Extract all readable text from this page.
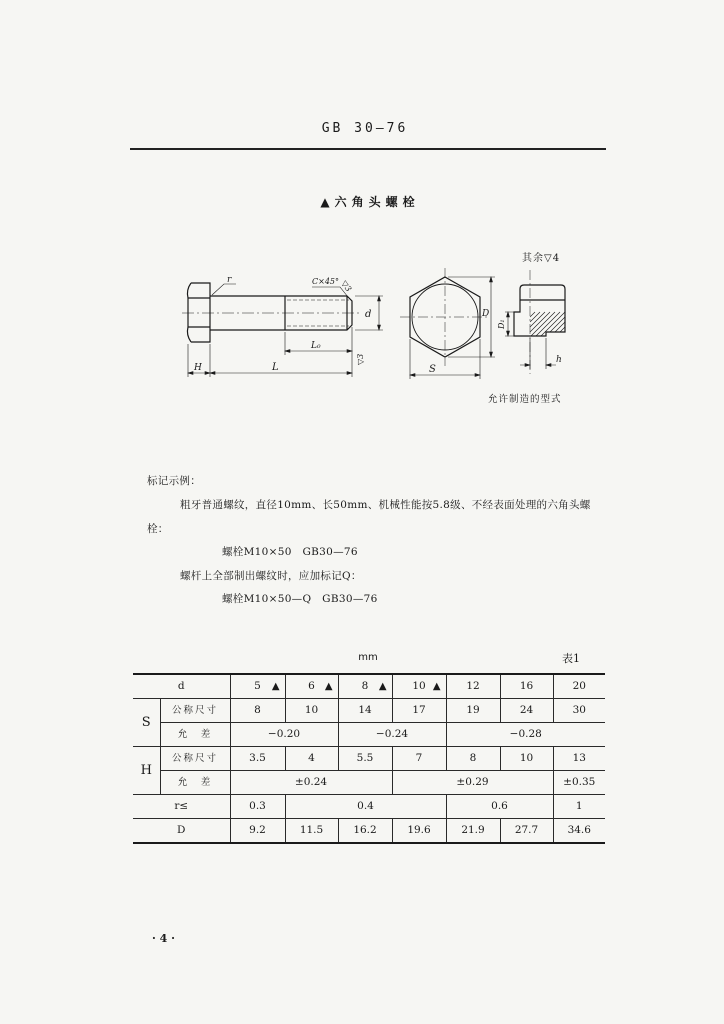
GB 30—76
▲六角头螺栓
其余▽4
r	C×45° ▽3
d
L₀
▽3
L
H	S
D
D₁
h
允许制造的型式
标记示例：
粗牙普通螺纹，直径10mm、长50mm、机械性能按5.8级、不经表面处理的六角头螺
栓：
螺栓M10×50　GB30—76
螺杆上全部制出螺纹时，应加标记Q：
螺栓M10×50—Q　GB30—76
mm	表1
d		5 ▲	6 ▲	8 ▲	10 ▲	12	16	20
S	公称尺寸	8	10	14	17	19	24	30
	允　差	−0.20		−0.24		−0.28		
H	公称尺寸	3.5	4	5.5	7	8	10	13
	允　差	±0.24			±0.29			±0.35
r≤		0.3	0.4			0.6		1
D		9.2	11.5	16.2	19.6	21.9	27.7	34.6
· 4 ·
